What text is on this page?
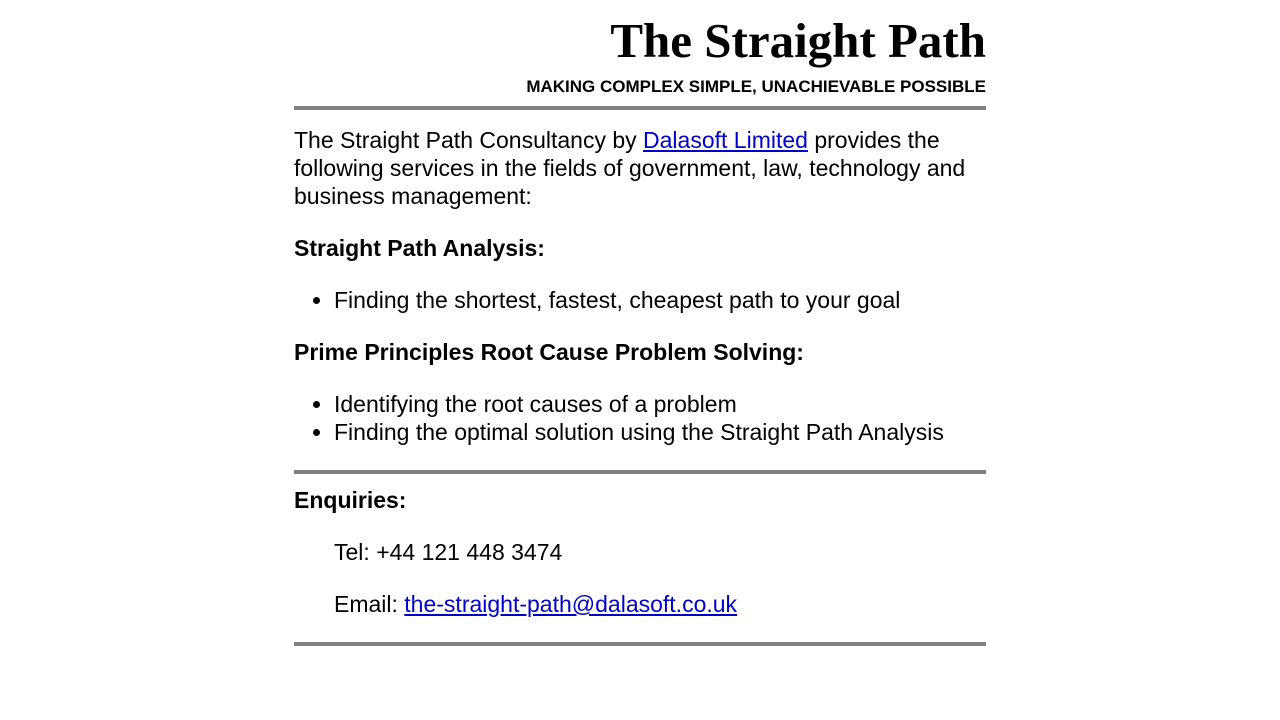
The Straight Path

MAKING COMPLEX SIMPLE, UNACHIEVABLE POSSIBLE

The Straight Path Consultancy by Dalasoft Limited provides the following services in the fields of government, law, technology and business management:

Straight Path Analysis:
• Finding the shortest, fastest, cheapest path to your goal
Prime Principles Root Cause Problem Solving:
• Identifying the root causes of a problem
• Finding the optimal solution using the Straight Path Analysis
Enquiries:

Tel: +44 121 448 3474

Email: the-straight-path@dalasoft.co.uk
